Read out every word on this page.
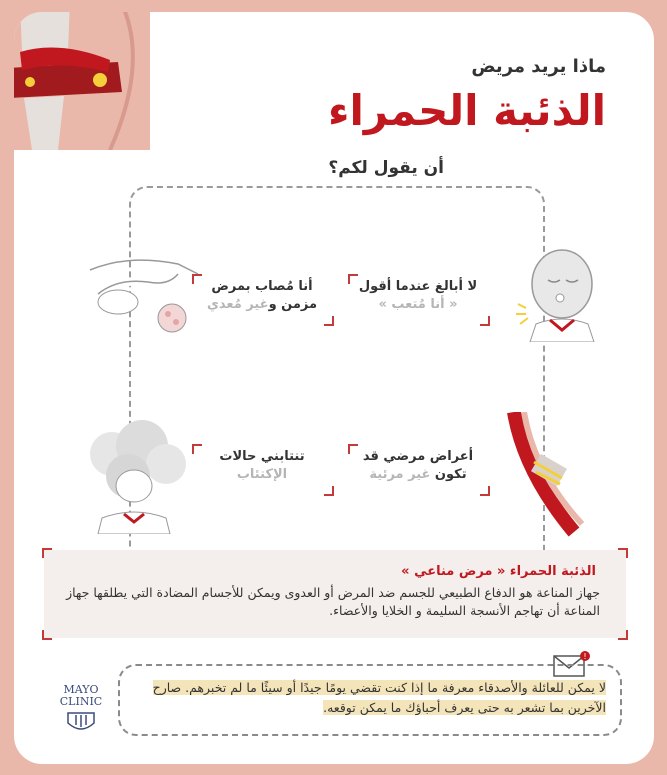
ماذا يريد مريض
الذئبة الحمراء
أن يقول لكم؟
لا أبالغ عندما أقول
« أنا مُتعب »
أنا مُصاب بمرض
مزمن وغير مُعدي
أعراض مرضي قد
تكون غير مرئية
تنتابني حالات
الإكتئاب
الذئبة الحمراء « مرض مناعي »
جهاز المناعة هو الدفاع الطبيعي للجسم ضد المرض أو العدوى ويمكن للأجسام المضادة التي يطلقها جهاز المناعة أن تهاجم الأنسجة السليمة و الخلايا والأعضاء.
!
لا يمكن للعائلة والأصدقاء معرفة ما إذا كنت تقضي يومًا جيدًا أو سيئًا ما لم تخبرهم. صارح الآخرين بما تشعر به حتى يعرف أحباؤك ما يمكن توقعه.
MAYO
CLINIC
